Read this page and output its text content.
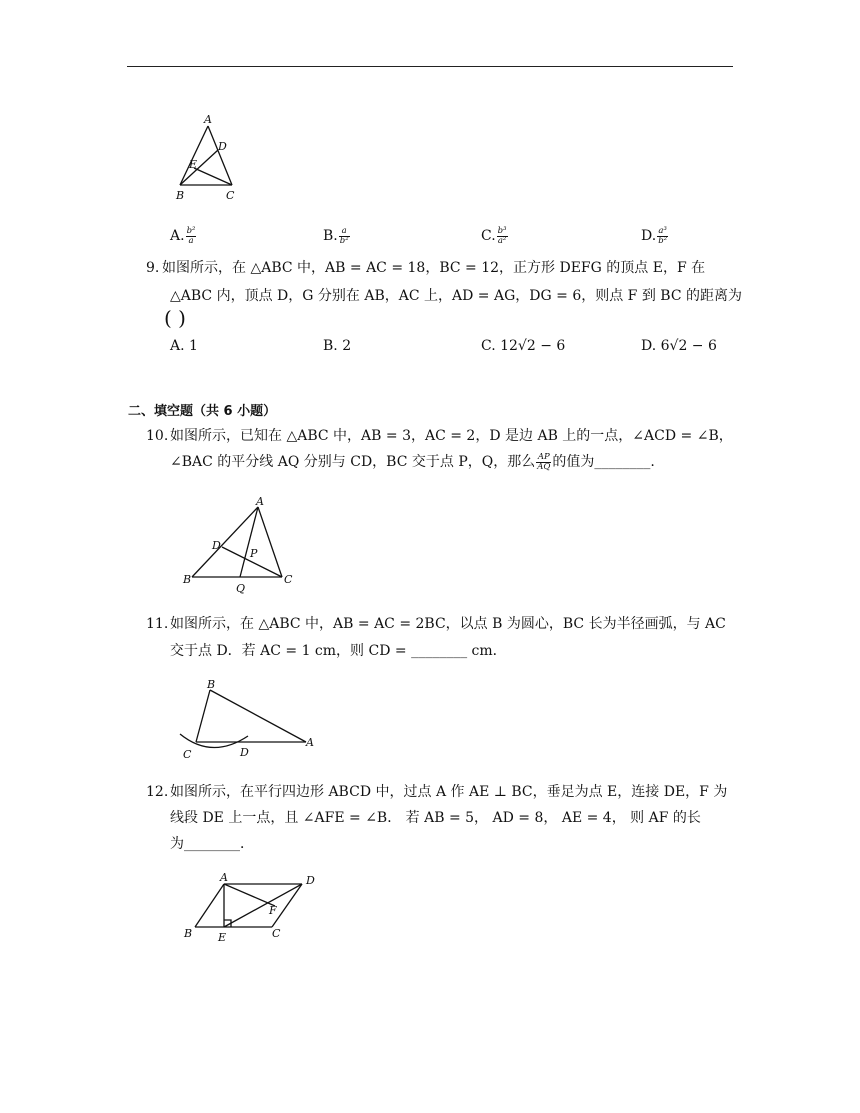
A
D
E
B	C
A. $\frac{\text{b²}}{a}$	B. $\frac{a}{\text{b²}}$	C. $\frac{\text{b³}}{\text{a²}}$	D. $\frac{\text{a³}}{\text{b²}}$
9. 如图所示，在 △ABC 中，AB = AC = 18，BC = 12，正方形 DEFG 的顶点 E，F 在
△ABC 内，顶点 D，G 分别在 AB，AC 上，AD = AG，DG = 6，则点 F 到 BC 的距离为
( )
A. 1	B. 2	C. 12√2 − 6	D. 6√2 − 6
二、填空题（共 6 小题）
10. 如图所示，已知在 △ABC 中，AB = 3，AC = 2，D 是边 AB 上的一点，∠ACD = ∠B，
∠BAC 的平分线 AQ 分别与 CD，BC 交于点 P，Q，那么 $\frac{AP}{AQ}$ 的值为________.
A
D
P
B
Q
C
11. 如图所示，在 △ABC 中，AB = AC = 2BC，以点 B 为圆心，BC 长为半径画弧，与 AC
交于点 D．若 AC = 1 cm，则 CD = ________ cm．
B
C	D
A
12. 如图所示，在平行四边形 ABCD 中，过点 A 作 AE ⊥ BC，垂足为点 E，连接 DE，F 为
线段 DE 上一点，且 ∠AFE = ∠B． 若 AB = 5， AD = 8， AE = 4， 则 AF 的长
为________．
A	D
F
B E	C
